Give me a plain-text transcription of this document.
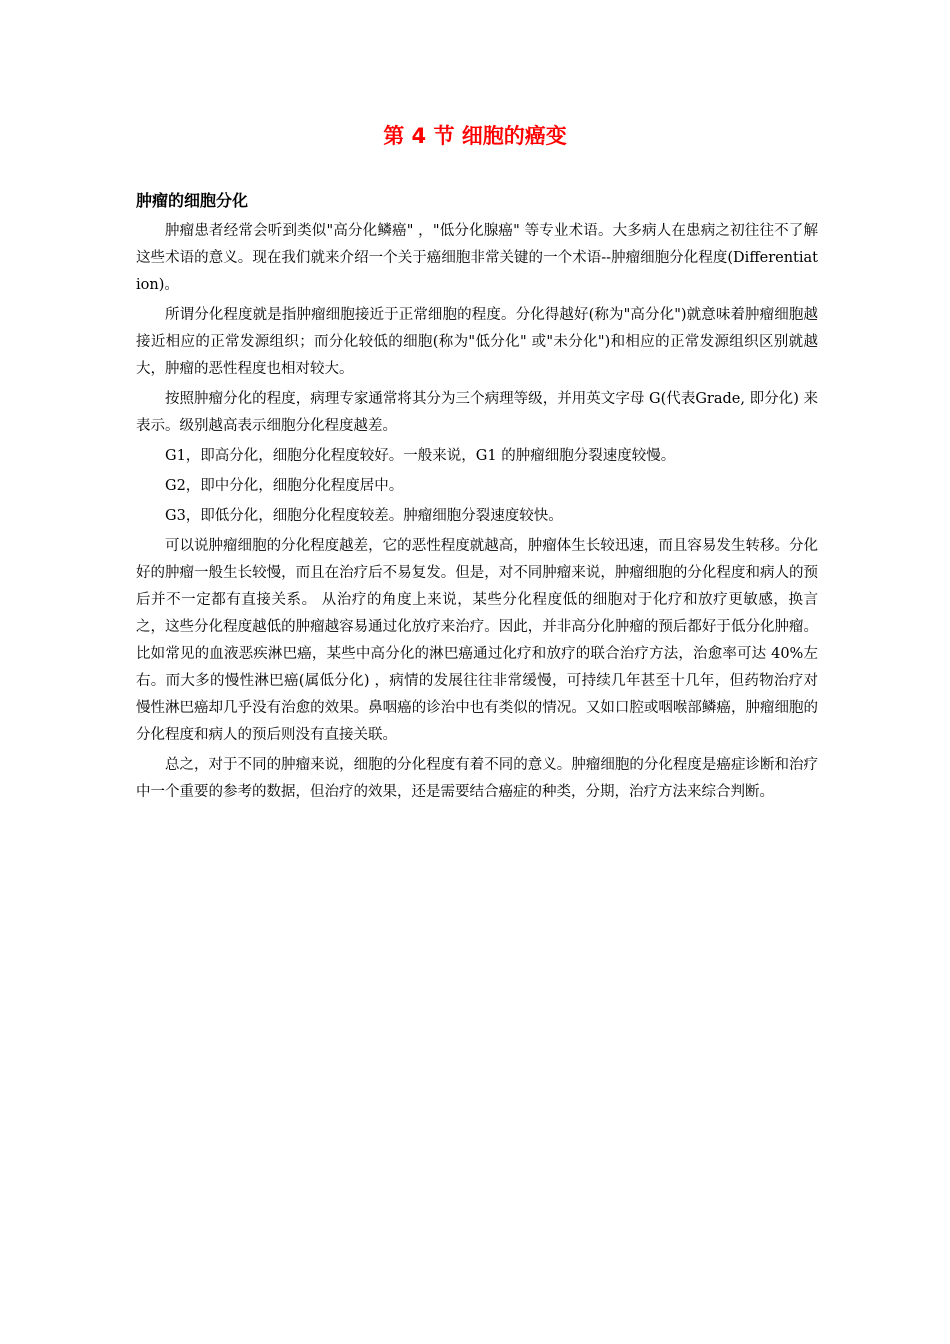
第 4 节 细胞的癌变
肿瘤的细胞分化

肿瘤患者经常会听到类似"高分化鳞癌" ，"低分化腺癌" 等专业术语。大多病人在患病之初往往不了解这些术语的意义。现在我们就来介绍一个关于癌细胞非常关键的一个术语--肿瘤细胞分化程度(Differentiation)。

所谓分化程度就是指肿瘤细胞接近于正常细胞的程度。分化得越好(称为"高分化")就意味着肿瘤细胞越接近相应的正常发源组织；而分化较低的细胞(称为"低分化" 或"未分化")和相应的正常发源组织区别就越大，肿瘤的恶性程度也相对较大。

按照肿瘤分化的程度，病理专家通常将其分为三个病理等级，并用英文字母 G(代表Grade, 即分化) 来表示。级别越高表示细胞分化程度越差。

G1，即高分化，细胞分化程度较好。一般来说，G1 的肿瘤细胞分裂速度较慢。

G2，即中分化，细胞分化程度居中。

G3，即低分化，细胞分化程度较差。肿瘤细胞分裂速度较快。

可以说肿瘤细胞的分化程度越差，它的恶性程度就越高，肿瘤体生长较迅速，而且容易发生转移。分化好的肿瘤一般生长较慢，而且在治疗后不易复发。但是，对不同肿瘤来说，肿瘤细胞的分化程度和病人的预后并不一定都有直接关系。 从治疗的角度上来说，某些分化程度低的细胞对于化疗和放疗更敏感，换言之，这些分化程度越低的肿瘤越容易通过化放疗来治疗。因此，并非高分化肿瘤的预后都好于低分化肿瘤。比如常见的血液恶疾淋巴癌，某些中高分化的淋巴癌通过化疗和放疗的联合治疗方法，治愈率可达 40%左右。而大多的慢性淋巴癌(属低分化) ，病情的发展往往非常缓慢，可持续几年甚至十几年，但药物治疗对慢性淋巴癌却几乎没有治愈的效果。鼻咽癌的诊治中也有类似的情况。又如口腔或咽喉部鳞癌，肿瘤细胞的分化程度和病人的预后则没有直接关联。

总之，对于不同的肿瘤来说，细胞的分化程度有着不同的意义。肿瘤细胞的分化程度是癌症诊断和治疗中一个重要的参考的数据，但治疗的效果，还是需要结合癌症的种类，分期，治疗方法来综合判断。
